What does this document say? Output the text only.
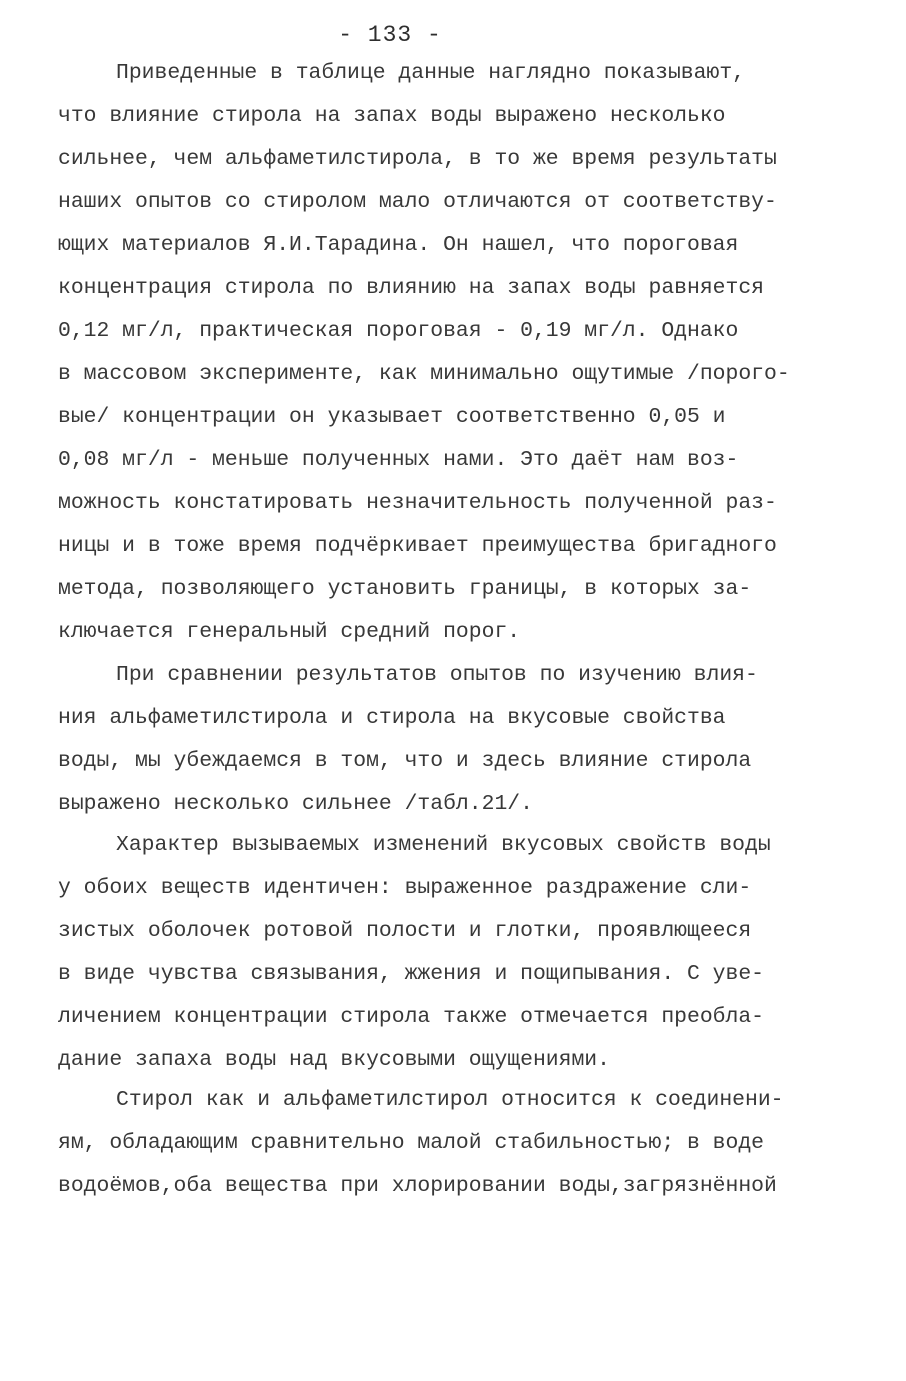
- 133 -
Приведенные в таблице данные наглядно показывают,
что влияние стирола на запах воды выражено несколько
сильнее, чем альфаметилстирола, в то же время результаты
наших опытов со стиролом мало отличаются от соответству-
ющих материалов Я.И.Тарадина. Он нашел, что пороговая
концентрация стирола по влиянию на запах воды равняется
0,12 мг/л, практическая пороговая - 0,19 мг/л. Однако
в массовом эксперименте, как минимально ощутимые /порого-
вые/ концентрации он указывает соответственно 0,05 и
0,08 мг/л - меньше полученных нами. Это даёт нам воз-
можность констатировать незначительность полученной раз-
ницы и в тоже время подчёркивает преимущества бригадного
метода, позволяющего установить границы, в которых за-
ключается генеральный средний порог.
При сравнении результатов опытов по изучению влия-
ния альфаметилстирола и стирола на вкусовые свойства
воды, мы убеждаемся в том, что и здесь влияние стирола
выражено несколько сильнее /табл.21/.
Характер вызываемых изменений вкусовых свойств воды
у обоих веществ идентичен: выраженное раздражение сли-
зистых оболочек ротовой полости и глотки, проявлющееся
в виде чувства связывания, жжения и пощипывания. С уве-
личением концентрации стирола также отмечается преобла-
дание запаха воды над вкусовыми ощущениями.
Стирол как и альфаметилстирол относится к соединени-
ям, обладающим сравнительно малой стабильностью; в воде
водоёмов,оба вещества при хлорировании воды,загрязнённой
